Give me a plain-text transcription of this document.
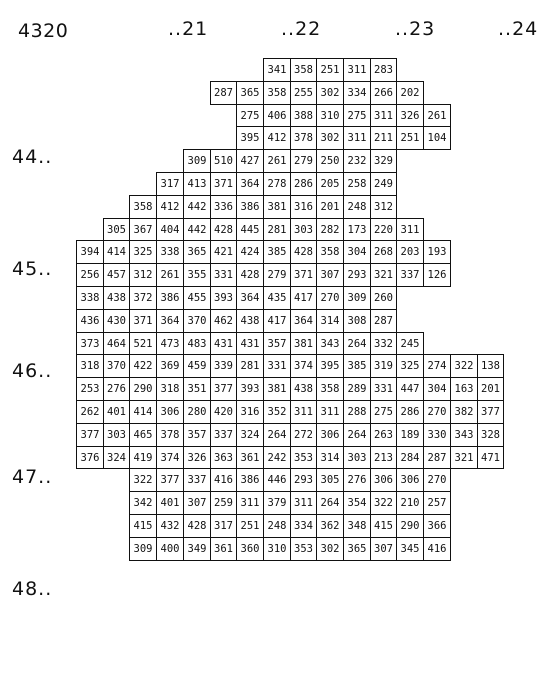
4320	..21	..22	..23	..24
44..
45..
46..
47..
48..
341 358 251 311 283
287 365 358 255 302 334 266 202
275 406 388 310 275 311 326 261
395 412 378 302 311 211 251 104
309 510 427 261 279 250 232 329
317 413 371 364 278 286 205 258 249
358 412 442 336 386 381 316 201 248 312
305 367 404 442 428 445 281 303 282 173 220 311
394 414 325 338 365 421 424 385 428 358 304 268 203 193
256 457 312 261 355 331 428 279 371 307 293 321 337 126
338 438 372 386 455 393 364 435 417 270 309 260
436 430 371 364 370 462 438 417 364 314 308 287
373 464 521 473 483 431 431 357 381 343 264 332 245
318 370 422 369 459 339 281 331 374 395 385 319 325 274 322 138
253 276 290 318 351 377 393 381 438 358 289 331 447 304 163 201
262 401 414 306 280 420 316 352 311 311 288 275 286 270 382 377
377 303 465 378 357 337 324 264 272 306 264 263 189 330 343 328
376 324 419 374 326 363 361 242 353 314 303 213 284 287 321 471
322 377 337 416 386 446 293 305 276 306 306 270
342 401 307 259 311 379 311 264 354 322 210 257
415 432 428 317 251 248 334 362 348 415 290 366
309 400 349 361 360 310 353 302 365 307 345 416
